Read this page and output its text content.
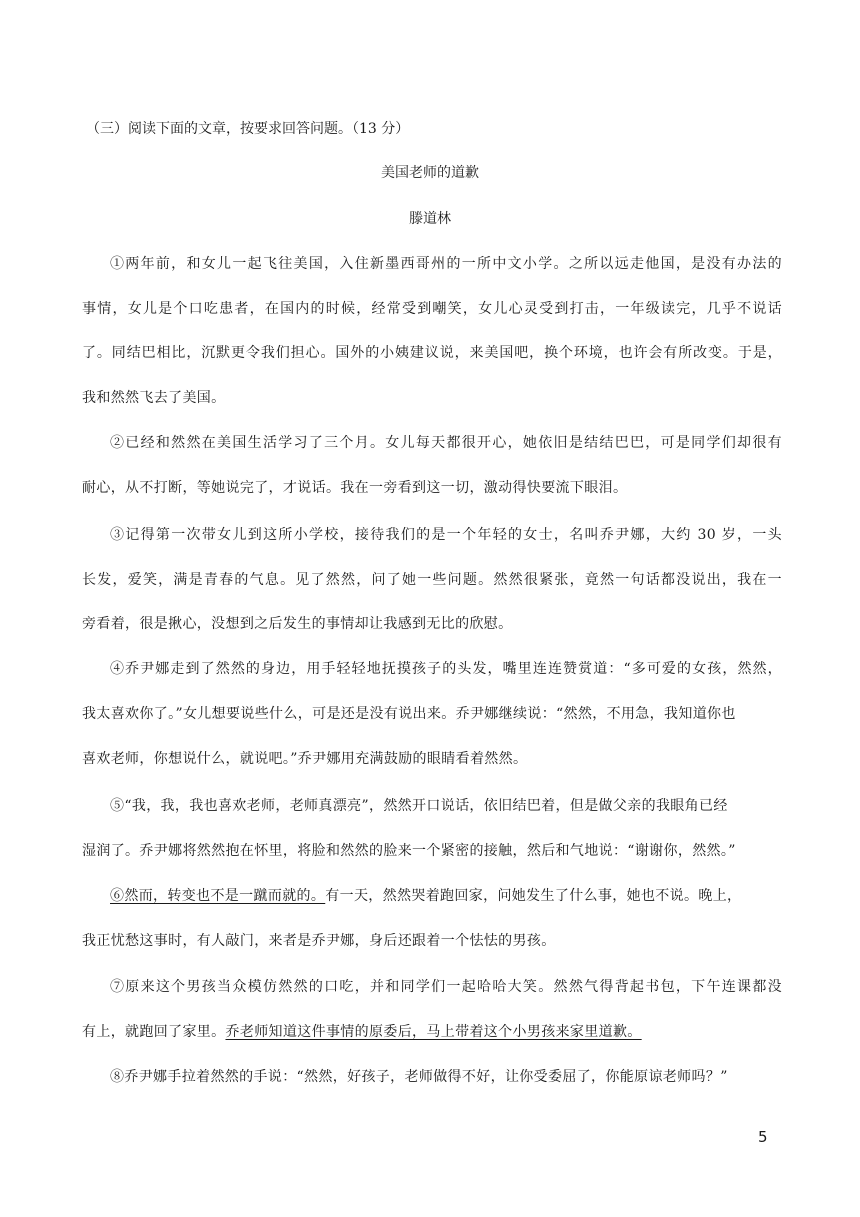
（三）阅读下面的文章，按要求回答问题。（13 分）
美国老师的道歉
滕道林
①两年前，和女儿一起飞往美国，入住新墨西哥州的一所中文小学。之所以远走他国，是没有办法的
事情，女儿是个口吃患者，在国内的时候，经常受到嘲笑，女儿心灵受到打击，一年级读完，几乎不说话
了。同结巴相比，沉默更令我们担心。国外的小姨建议说，来美国吧，换个环境，也许会有所改变。于是，
我和然然飞去了美国。
②已经和然然在美国生活学习了三个月。女儿每天都很开心，她依旧是结结巴巴，可是同学们却很有
耐心，从不打断，等她说完了，才说话。我在一旁看到这一切，激动得快要流下眼泪。
③记得第一次带女儿到这所小学校，接待我们的是一个年轻的女士，名叫乔尹娜，大约 30 岁，一头
长发，爱笑，满是青春的气息。见了然然，问了她一些问题。然然很紧张，竟然一句话都没说出，我在一
旁看着，很是揪心，没想到之后发生的事情却让我感到无比的欣慰。
④乔尹娜走到了然然的身边，用手轻轻地抚摸孩子的头发，嘴里连连赞赏道：“多可爱的女孩，然然，
我太喜欢你了。”女儿想要说些什么，可是还是没有说出来。乔尹娜继续说：“然然，不用急，我知道你也
喜欢老师，你想说什么，就说吧。”乔尹娜用充满鼓励的眼睛看着然然。
⑤“我，我，我也喜欢老师，老师真漂亮”，然然开口说话，依旧结巴着，但是做父亲的我眼角已经
湿润了。乔尹娜将然然抱在怀里，将脸和然然的脸来一个紧密的接触，然后和气地说：“谢谢你，然然。”
⑥然而，转变也不是一蹴而就的。有一天，然然哭着跑回家，问她发生了什么事，她也不说。晚上，
我正忧愁这事时，有人敲门，来者是乔尹娜，身后还跟着一个怯怯的男孩。
⑦原来这个男孩当众模仿然然的口吃，并和同学们一起哈哈大笑。然然气得背起书包，下午连课都没
有上，就跑回了家里。乔老师知道这件事情的原委后，马上带着这个小男孩来家里道歉。
⑧乔尹娜手拉着然然的手说：“然然，好孩子，老师做得不好，让你受委屈了，你能原谅老师吗？”
5
